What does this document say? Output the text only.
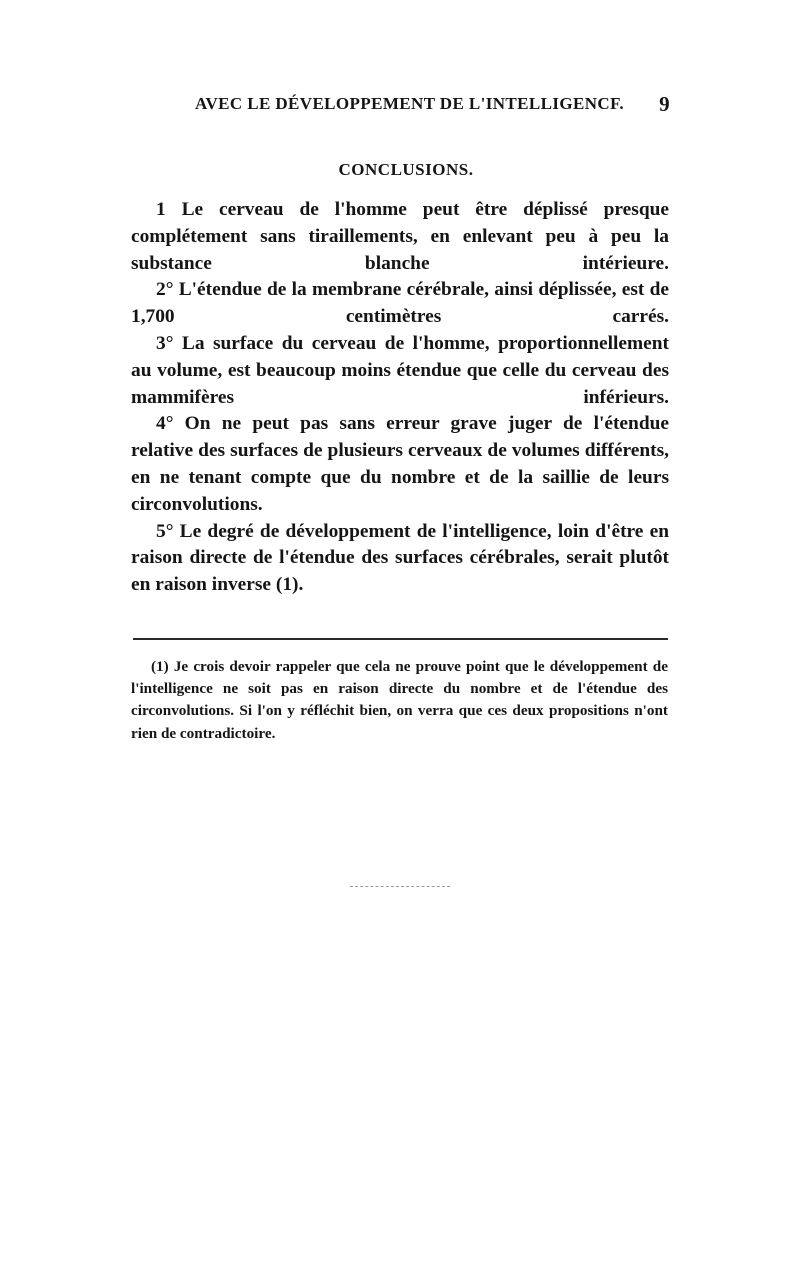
AVEC LE DÉVELOPPEMENT DE L'INTELLIGENCF. 9
CONCLUSIONS.

1 Le cerveau de l'homme peut être déplissé presque complétement sans tiraillements, en enlevant peu à peu la substance blanche intérieure.

2° L'étendue de la membrane cérébrale, ainsi déplissée, est de 1,700 centimètres carrés.

3° La surface du cerveau de l'homme, proportionnellement au volume, est beaucoup moins étendue que celle du cerveau des mammifères inférieurs.

4° On ne peut pas sans erreur grave juger de l'étendue relative des surfaces de plusieurs cerveaux de volumes différents, en ne tenant compte que du nombre et de la saillie de leurs circonvolutions.

5° Le degré de développement de l'intelligence, loin d'être en raison directe de l'étendue des surfaces cérébrales, serait plutôt en raison inverse (1).

(1) Je crois devoir rappeler que cela ne prouve point que le développement de l'intelligence ne soit pas en raison directe du nombre et de l'étendue des circonvolutions. Si l'on y réfléchit bien, on verra que ces deux propositions n'ont rien de contradictoire.
